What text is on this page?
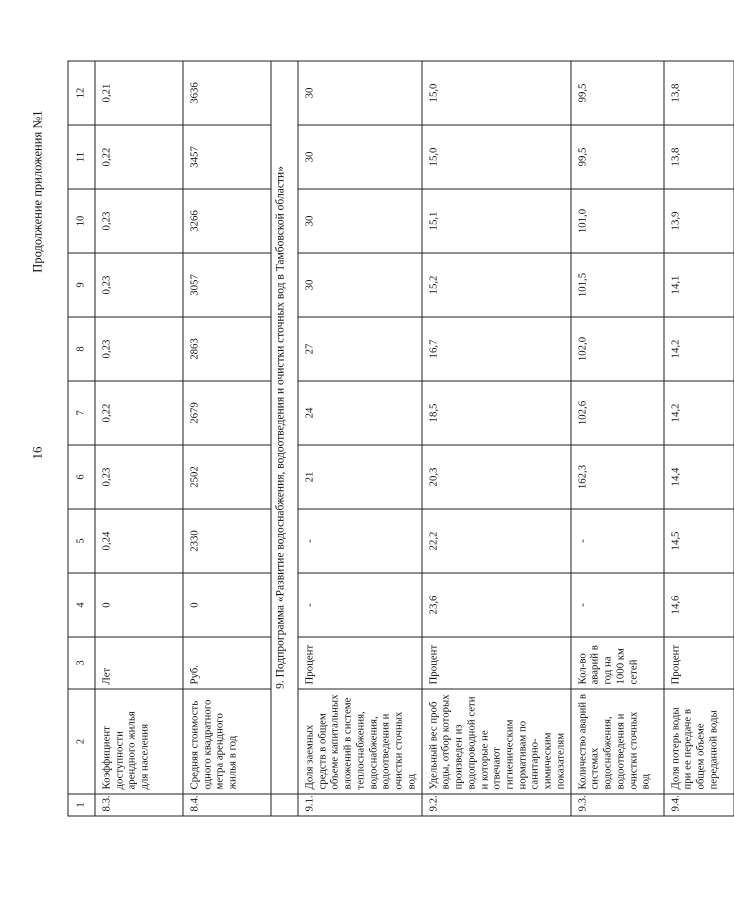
16
Продолжение приложения №1
1	2	3	4	5	6	7	8	9	10	11	12
8.3.	Коэффициент доступности арендного жилья для населения	Лет	0	0,24	0,23	0,22	0,23	0,23	0,23	0,22	0,21
8.4.	Средняя стоимость одного квадратного метра арендного жилья в год	Руб.	0	2330	2502	2679	2863	3057	3266	3457	3636
	9. Подпрограмма «Развитие водоснабжения, водоотведения и очистки сточных вод в Тамбовской области»										
9.1.	Доля заемных средств в общем объеме капитальных вложений в системе теплоснабжения, водоснабжения, водоотведения и очистки сточных вод	Процент	-	-	21	24	27	30	30	30	30
9.2.	Удельный вес проб воды, отбор которых произведен из водопроводной сети и которые не отвечают гигиеническим нормативам по санитарно-химическим показателям	Процент	23,6	22,2	20,3	18,5	16,7	15,2	15,1	15,0	15,0
9.3.	Количество аварий в системах водоснабжения, водоотведения и очистки сточных вод	Кол-во аварий в год на 1000 км сетей	-	-	162,3	102,6	102,0	101,5	101,0	99,5	99,5
9.4.	Доля потерь воды при ее передаче в общем объеме переданной воды	Процент	14,6	14,5	14,4	14,2	14,2	14,1	13,9	13,8	13,8
